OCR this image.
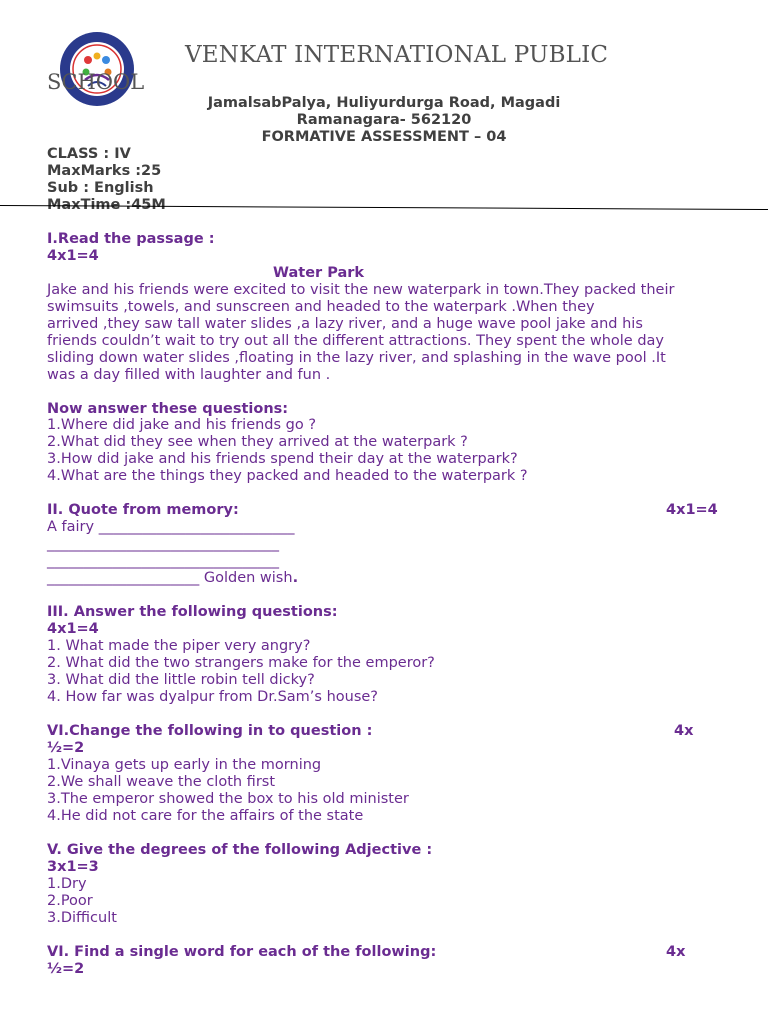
VENKAT INTERNATIONAL PUBLIC
SCHOOL
JamalsabPalya, Huliyurdurga Road, Magadi
Ramanagara- 562120
FORMATIVE ASSESSMENT – 04
CLASS : IV
MaxMarks :25
Sub : English
MaxTime :45M
I.Read the passage :
4x1=4
Water Park
Jake and his friends were excited to visit the new waterpark in town.They packed their
swimsuits ,towels, and sunscreen and headed to the waterpark .When they
arrived ,they saw tall water slides ,a lazy river, and a huge wave pool jake and his
friends couldn’t wait to try out all the different attractions. They spent the whole day
sliding down water slides ,floating in the lazy river, and splashing in the wave pool .It
was a day filled with laughter and fun .
Now answer these questions:
1.Where did jake and his friends go ?
2.What did they see when they arrived at the waterpark ?
3.How did jake and his friends spend their day at the waterpark?
4.What are the things they packed and headed to the waterpark ?
II. Quote from memory:	4x1=4
A fairy ___________________________
________________________________
________________________________
_____________________ Golden wish.
III. Answer the following questions:
4x1=4
1. What made the piper very angry?
2. What did the two strangers make for the emperor?
3. What did the little robin tell dicky?
4. How far was dyalpur from Dr.Sam’s house?
VI.Change the following in to question :	4x
½=2
1.Vinaya gets up early in the morning
2.We shall weave the cloth first
3.The emperor showed the box to his old minister
4.He did not care for the affairs of the state
V. Give the degrees of the following Adjective :
3x1=3
1.Dry
2.Poor
3.Difficult
VI. Find a single word for each of the following:	4x
½=2
